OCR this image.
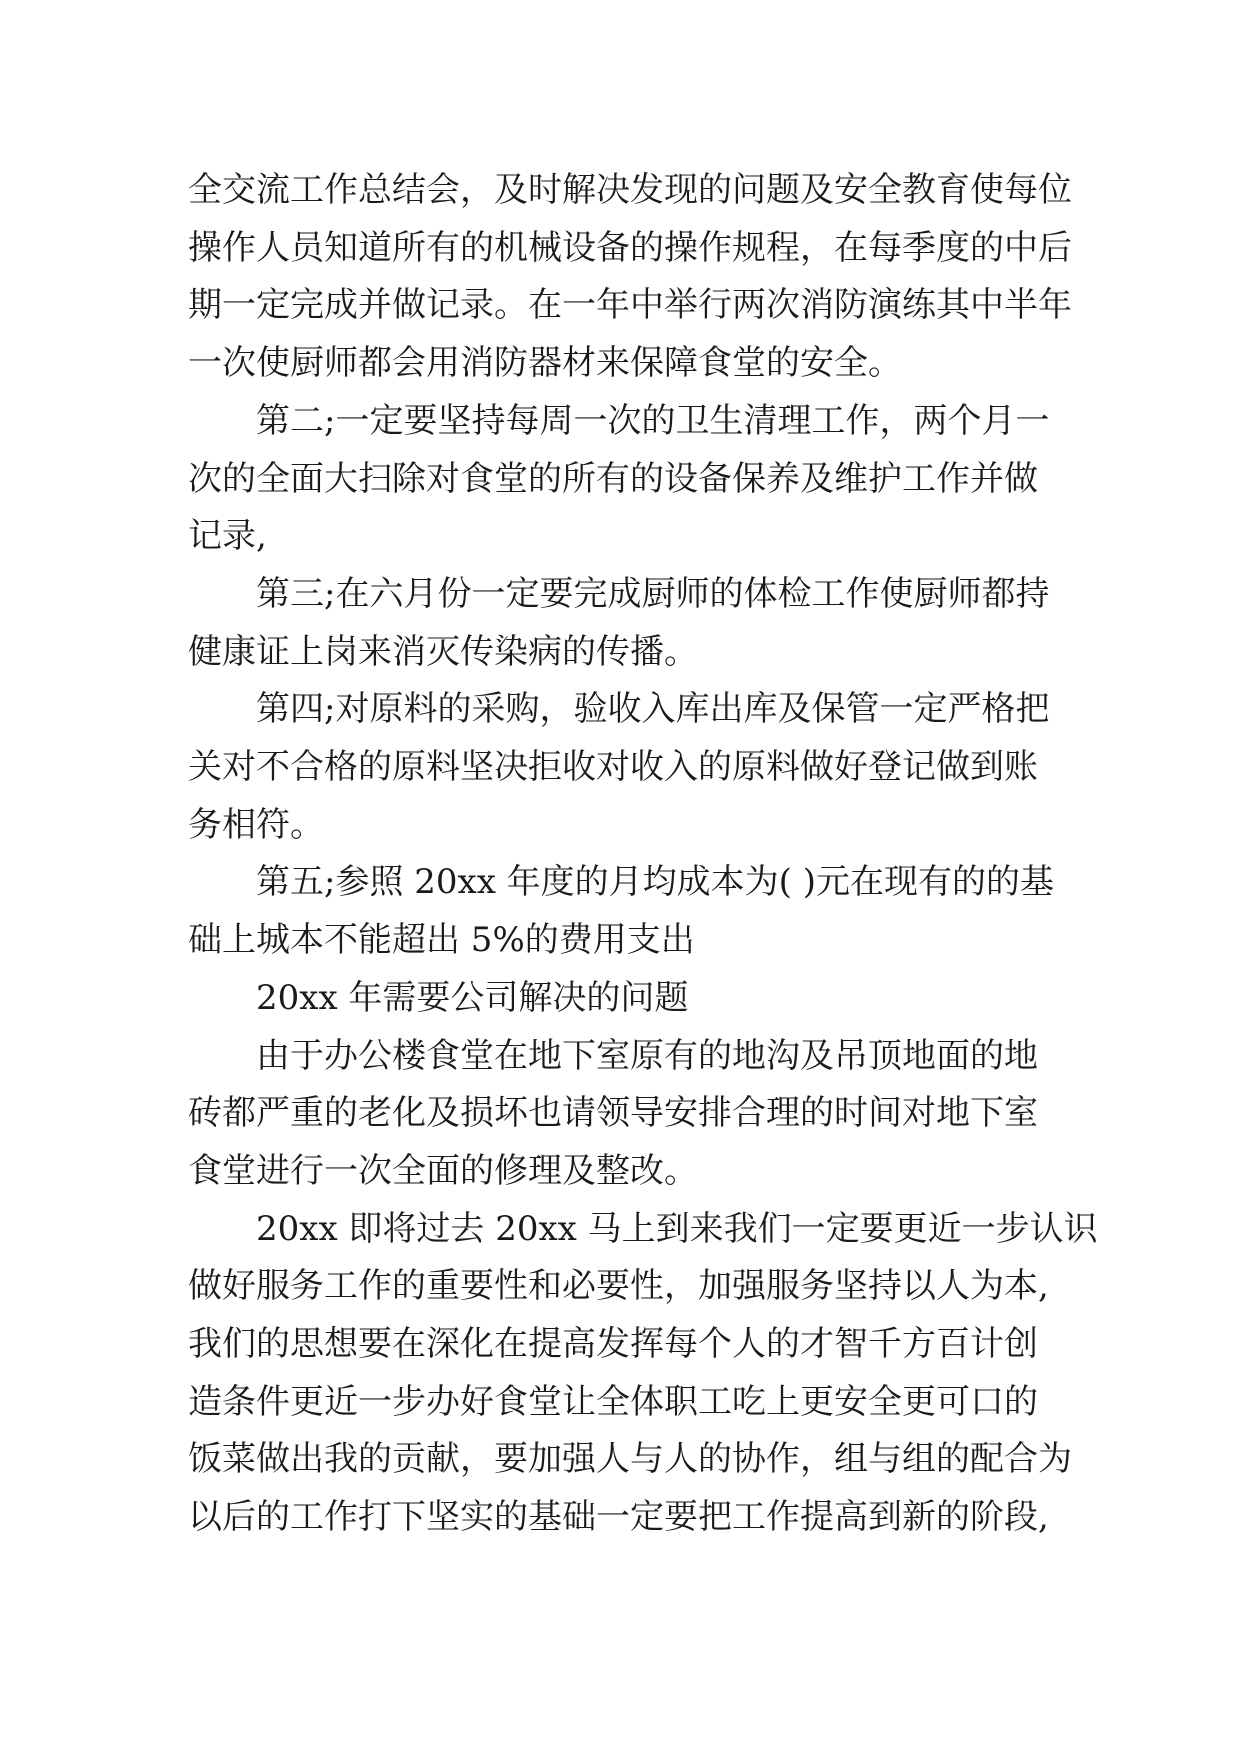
全交流工作总结会，及时解决发现的问题及安全教育使每位
操作人员知道所有的机械设备的操作规程，在每季度的中后
期一定完成并做记录。在一年中举行两次消防演练其中半年
一次使厨师都会用消防器材来保障食堂的安全。
第二;一定要坚持每周一次的卫生清理工作，两个月一
次的全面大扫除对食堂的所有的设备保养及维护工作并做
记录,
第三;在六月份一定要完成厨师的体检工作使厨师都持
健康证上岗来消灭传染病的传播。
第四;对原料的采购，验收入库出库及保管一定严格把
关对不合格的原料坚决拒收对收入的原料做好登记做到账
务相符。
第五;参照 20xx 年度的月均成本为( )元在现有的的基
础上城本不能超出 5%的费用支出
20xx 年需要公司解决的问题
由于办公楼食堂在地下室原有的地沟及吊顶地面的地
砖都严重的老化及损坏也请领导安排合理的时间对地下室
食堂进行一次全面的修理及整改。
20xx 即将过去 20xx 马上到来我们一定要更近一步认识
做好服务工作的重要性和必要性，加强服务坚持以人为本,
我们的思想要在深化在提高发挥每个人的才智千方百计创
造条件更近一步办好食堂让全体职工吃上更安全更可口的
饭菜做出我的贡献，要加强人与人的协作，组与组的配合为
以后的工作打下坚实的基础一定要把工作提高到新的阶段,
